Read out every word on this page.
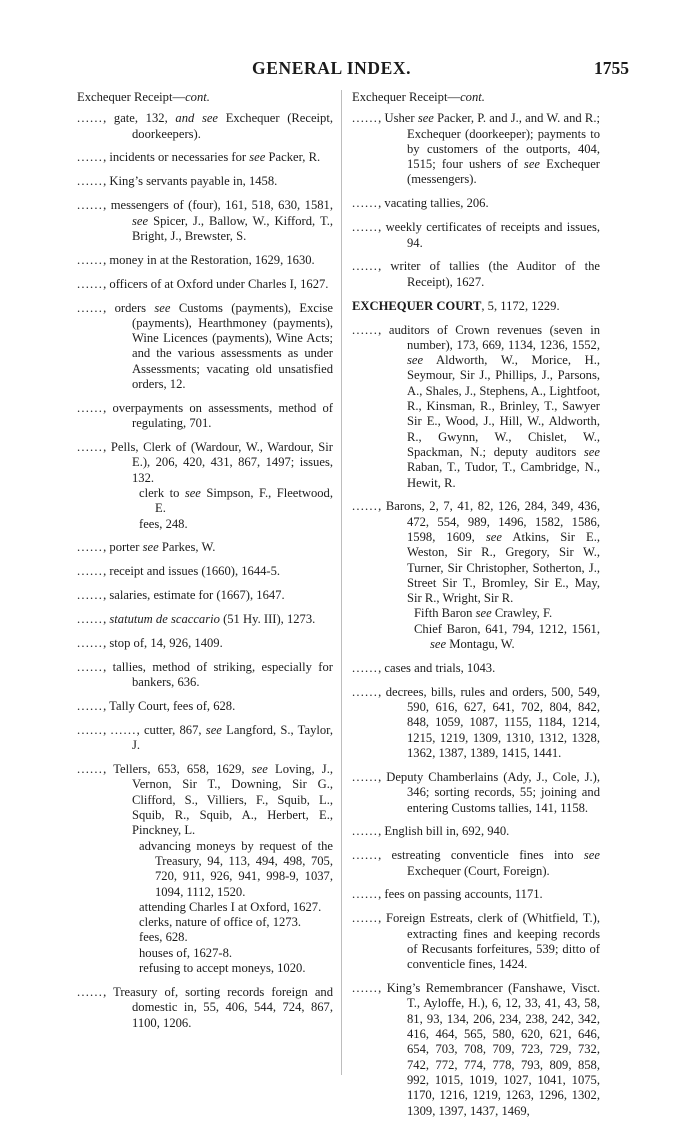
GENERAL INDEX.	1755

Exchequer Receipt—cont.

......, gate, 132, and see Exchequer (Receipt, doorkeepers).

......, incidents or necessaries for see Packer, R.

......, King’s servants payable in, 1458.

......, messengers of (four), 161, 518, 630, 1581, see Spicer, J., Ballow, W., Kifford, T., Bright, J., Brewster, S.

......, money in at the Restoration, 1629, 1630.

......, officers of at Oxford under Charles I, 1627.

......, orders see Customs (payments), Excise (payments), Hearthmoney (payments), Wine Licences (payments), Wine Acts; and the various assessments as under Assessments; vacating old unsatisfied orders, 12.

......, overpayments on assessments, method of regulating, 701.

......, Pells, Clerk of (Wardour, W., Wardour, Sir E.), 206, 420, 431, 867, 1497; issues, 132.

clerk to see Simpson, F., Fleetwood, E.

fees, 248.

......, porter see Parkes, W.

......, receipt and issues (1660), 1644-5.

......, salaries, estimate for (1667), 1647.

......, statutum de scaccario (51 Hy. III), 1273.

......, stop of, 14, 926, 1409.

......, tallies, method of striking, especially for bankers, 636.

......, Tally Court, fees of, 628.

......, ......, cutter, 867, see Langford, S., Taylor, J.

......, Tellers, 653, 658, 1629, see Loving, J., Vernon, Sir T., Downing, Sir G., Clifford, S., Villiers, F., Squib, L., Squib, R., Squib, A., Herbert, E., Pinckney, L.

advancing moneys by request of the Treasury, 94, 113, 494, 498, 705, 720, 911, 926, 941, 998-9, 1037, 1094, 1112, 1520.

attending Charles I at Oxford, 1627.

clerks, nature of office of, 1273.

fees, 628.

houses of, 1627-8.

refusing to accept moneys, 1020.

......, Treasury of, sorting records foreign and domestic in, 55, 406, 544, 724, 867, 1100, 1206.

Exchequer Receipt—cont.

......, Usher see Packer, P. and J., and W. and R.; Exchequer (doorkeeper); payments to by customers of the outports, 404, 1515; four ushers of see Exchequer (messengers).

......, vacating tallies, 206.

......, weekly certificates of receipts and issues, 94.

......, writer of tallies (the Auditor of the Receipt), 1627.

EXCHEQUER COURT, 5, 1172, 1229.

......, auditors of Crown revenues (seven in number), 173, 669, 1134, 1236, 1552, see Aldworth, W., Morice, H., Seymour, Sir J., Phillips, J., Parsons, A., Shales, J., Stephens, A., Lightfoot, R., Kinsman, R., Brinley, T., Sawyer Sir E., Wood, J., Hill, W., Aldworth, R., Gwynn, W., Chislet, W., Spackman, N.; deputy auditors see Raban, T., Tudor, T., Cambridge, N., Hewit, R.

......, Barons, 2, 7, 41, 82, 126, 284, 349, 436, 472, 554, 989, 1496, 1582, 1586, 1598, 1609, see Atkins, Sir E., Weston, Sir R., Gregory, Sir W., Turner, Sir Christopher, Sotherton, J., Street Sir T., Bromley, Sir E., May, Sir R., Wright, Sir R.

Fifth Baron see Crawley, F.

Chief Baron, 641, 794, 1212, 1561, see Montagu, W.

......, cases and trials, 1043.

......, decrees, bills, rules and orders, 500, 549, 590, 616, 627, 641, 702, 804, 842, 848, 1059, 1087, 1155, 1184, 1214, 1215, 1219, 1309, 1310, 1312, 1328, 1362, 1387, 1389, 1415, 1441.

......, Deputy Chamberlains (Ady, J., Cole, J.), 346; sorting records, 55; joining and entering Customs tallies, 141, 1158.

......, English bill in, 692, 940.

......, estreating conventicle fines into see Exchequer (Court, Foreign).

......, fees on passing accounts, 1171.

......, Foreign Estreats, clerk of (Whitfield, T.), extracting fines and keeping records of Recusants forfeitures, 539; ditto of conventicle fines, 1424.

......, King’s Remembrancer (Fanshawe, Visct. T., Ayloffe, H.), 6, 12, 33, 41, 43, 58, 81, 93, 134, 206, 234, 238, 242, 342, 416, 464, 565, 580, 620, 621, 646, 654, 703, 708, 709, 723, 729, 732, 742, 772, 774, 778, 793, 809, 858, 992, 1015, 1019, 1027, 1041, 1075, 1170, 1216, 1219, 1263, 1296, 1302, 1309, 1397, 1437, 1469,
